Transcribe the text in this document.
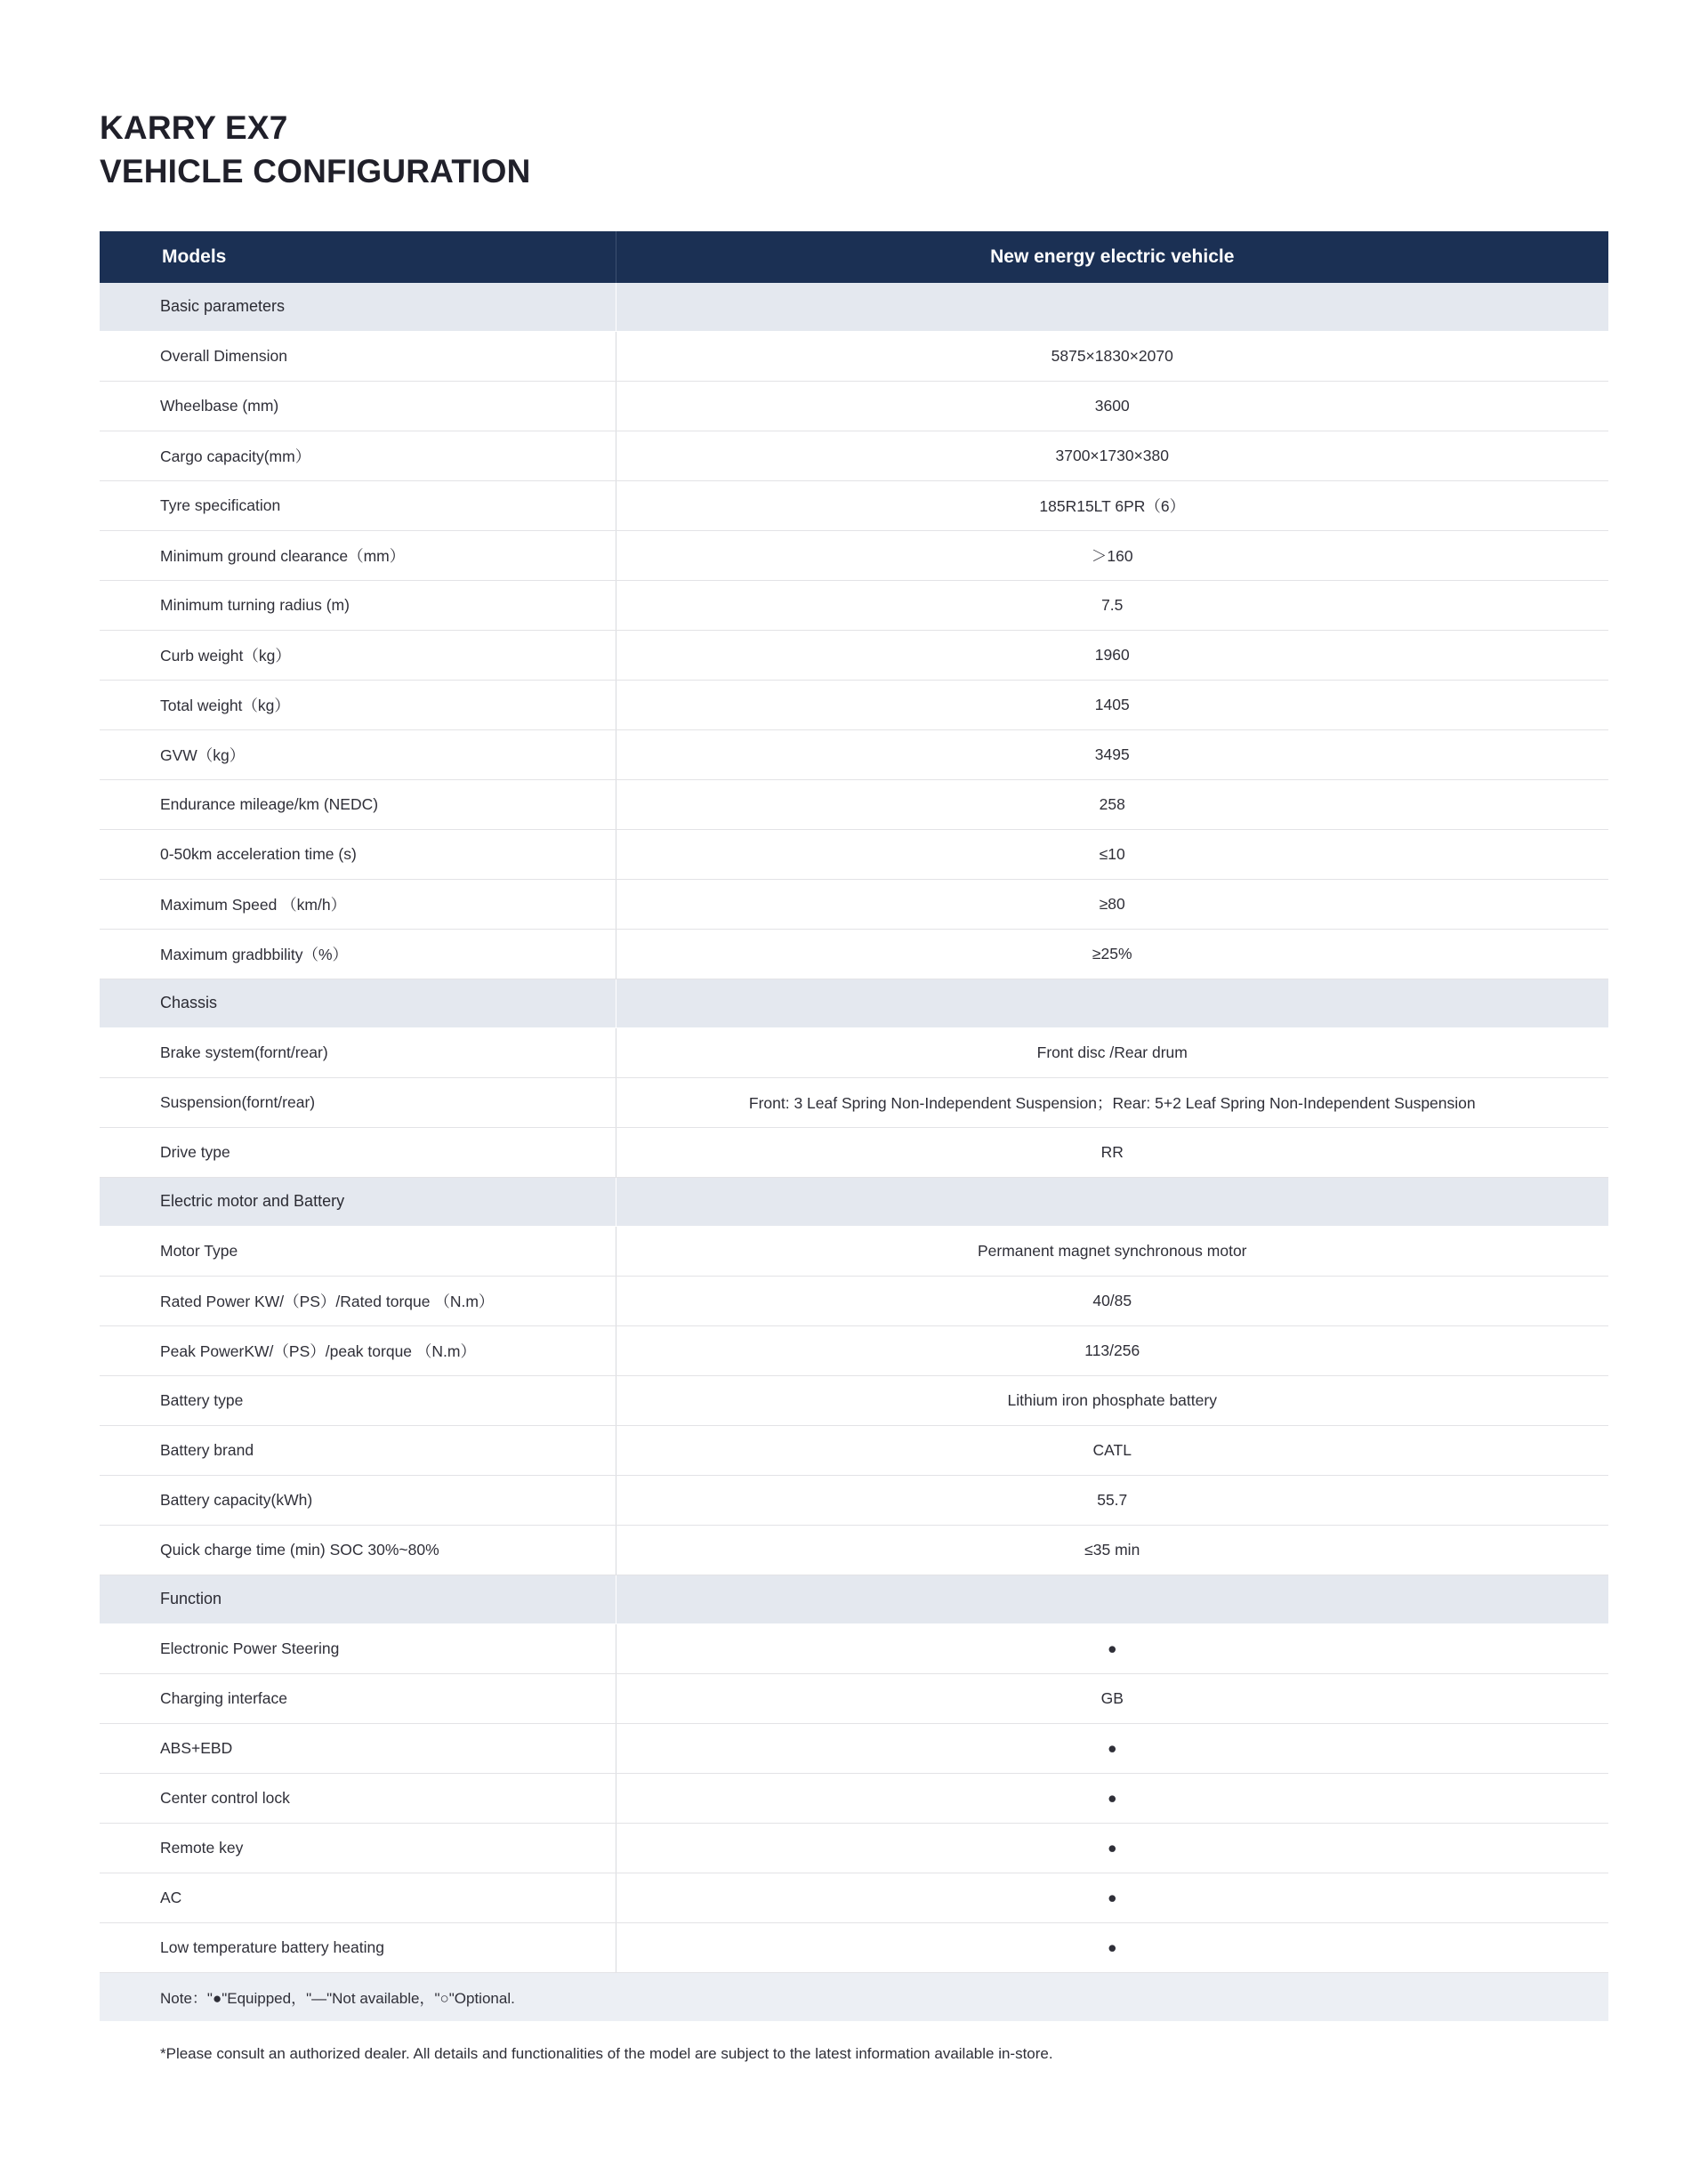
KARRY EX7
VEHICLE CONFIGURATION
Models	New energy electric vehicle
Basic parameters	
Overall Dimension	5875×1830×2070
Wheelbase (mm)	3600
Cargo capacity(mm）	3700×1730×380
Tyre specification	185R15LT 6PR（6）
Minimum ground clearance（mm）	＞160
Minimum turning radius (m)	7.5
Curb weight（kg）	1960
Total weight（kg）	1405
GVW（kg）	3495
Endurance mileage/km (NEDC)	258
0-50km acceleration time (s)	≤10
Maximum Speed （km/h）	≥80
Maximum gradbbility（%）	≥25%
Chassis	
Brake system(fornt/rear)	Front disc /Rear drum
Suspension(fornt/rear)	Front: 3 Leaf Spring Non-Independent Suspension；Rear: 5+2 Leaf Spring Non-Independent Suspension
Drive type	RR
Electric motor and Battery	
Motor Type	Permanent magnet synchronous motor
Rated Power KW/（PS）/Rated torque （N.m）	40/85
Peak PowerKW/（PS）/peak torque （N.m）	113/256
Battery type	Lithium iron phosphate battery
Battery brand	CATL
Battery capacity(kWh)	55.7
Quick charge time (min) SOC 30%~80%	≤35 min
Function	
Electronic Power Steering	●
Charging interface	GB
ABS+EBD	●
Center control lock	●
Remote key	●
AC	●
Low temperature battery heating	●
Note："●"Equipped，"—"Not available，"○"Optional.	
*Please consult an authorized dealer. All details and functionalities of the model are subject to the latest information available in-store.
